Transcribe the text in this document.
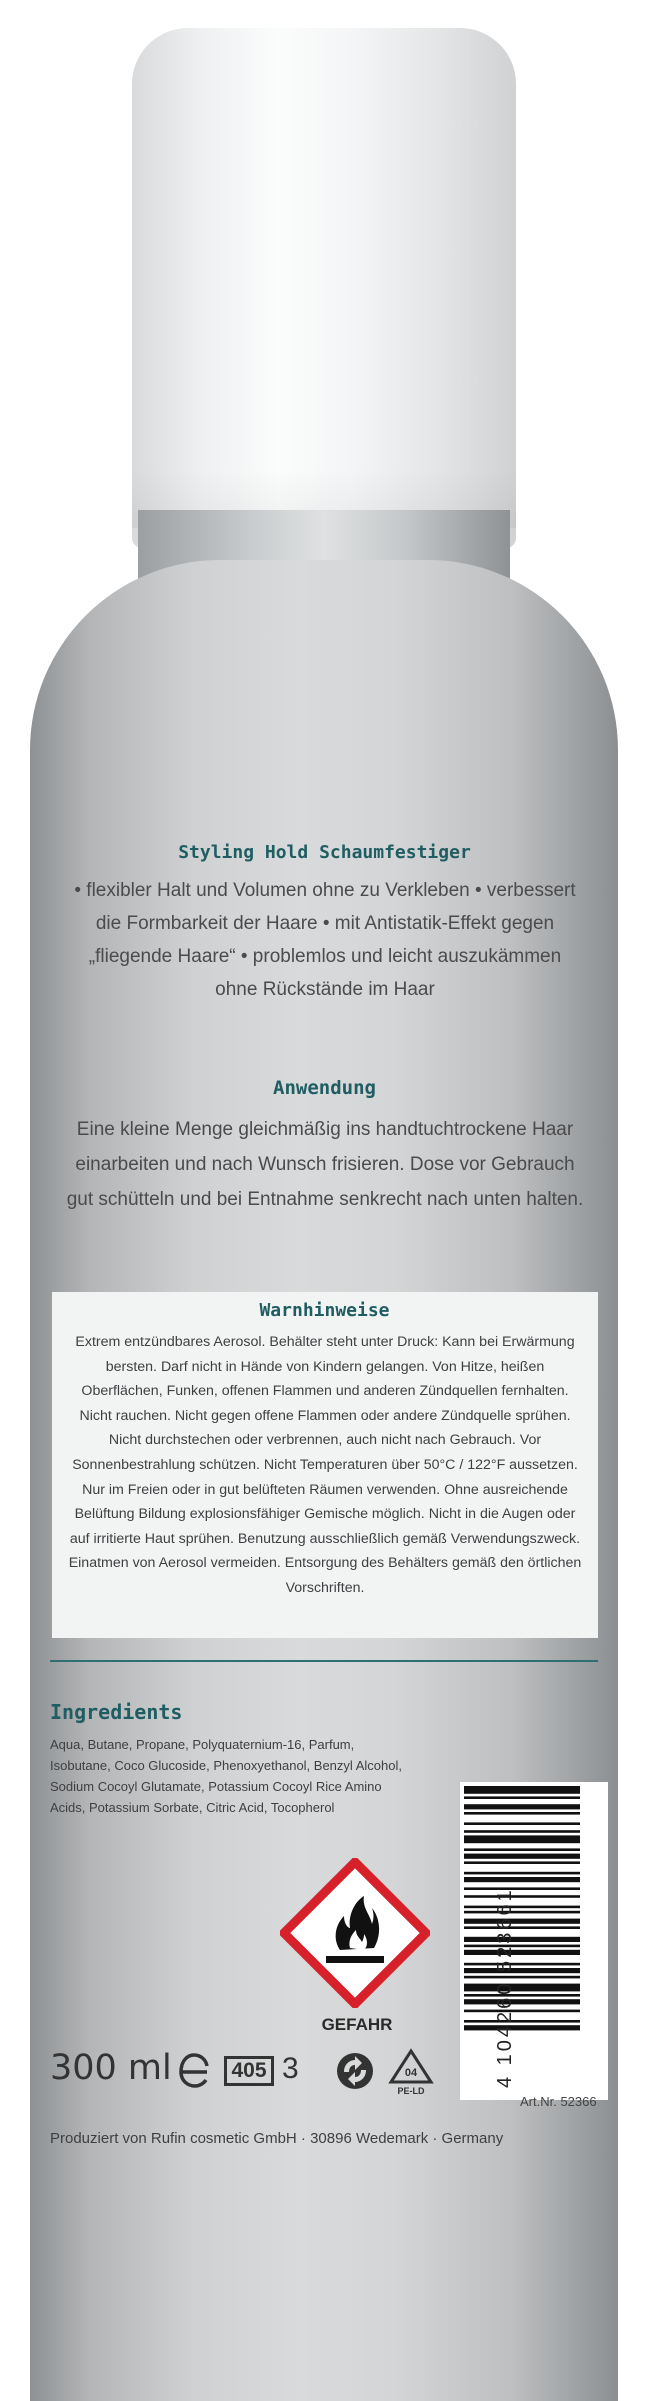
Styling Hold Schaumfestiger
• flexibler Halt und Volumen ohne zu Verkleben • verbessert die Formbarkeit der Haare • mit Antistatik-Effekt gegen „fliegende Haare“ • problemlos und leicht auszukämmen ohne Rückstände im Haar
Anwendung
Eine kleine Menge gleichmäßig ins handtuchtrockene Haar einarbeiten und nach Wunsch frisieren. Dose vor Gebrauch gut schütteln und bei Entnahme senkrecht nach unten halten.
Warnhinweise
Extrem entzündbares Aerosol. Behälter steht unter Druck: Kann bei Erwärmung bersten. Darf nicht in Hände von Kindern gelangen. Von Hitze, heißen Oberflächen, Funken, offenen Flammen und anderen Zündquellen fernhalten. Nicht rauchen. Nicht gegen offene Flammen oder andere Zündquelle sprühen. Nicht durchstechen oder verbrennen, auch nicht nach Gebrauch. Vor Sonnenbestrahlung schützen. Nicht Temperaturen über 50°C / 122°F aussetzen. Nur im Freien oder in gut belüfteten Räumen verwenden. Ohne ausreichende Belüftung Bildung explosionsfähiger Gemische möglich. Nicht in die Augen oder auf irritierte Haut sprühen. Benutzung ausschließlich gemäß Verwendungszweck. Einatmen von Aerosol vermeiden. Entsorgung des Behälters gemäß den örtlichen Vorschriften.
Ingredients
Aqua, Butane, Propane, Polyquaternium-16, Parfum, Isobutane, Coco Glucoside, Phenoxyethanol, Benzyl Alcohol, Sodium Cocoyl Glutamate, Potassium Cocoyl Rice Amino Acids, Potassium Sorbate, Citric Acid, Tocopherol
4 104260 523661
GEFAHR
300 ml	405 3	04
PE-LD
Art.Nr. 52366
Produziert von Rufin cosmetic GmbH · 30896 Wedemark · Germany
